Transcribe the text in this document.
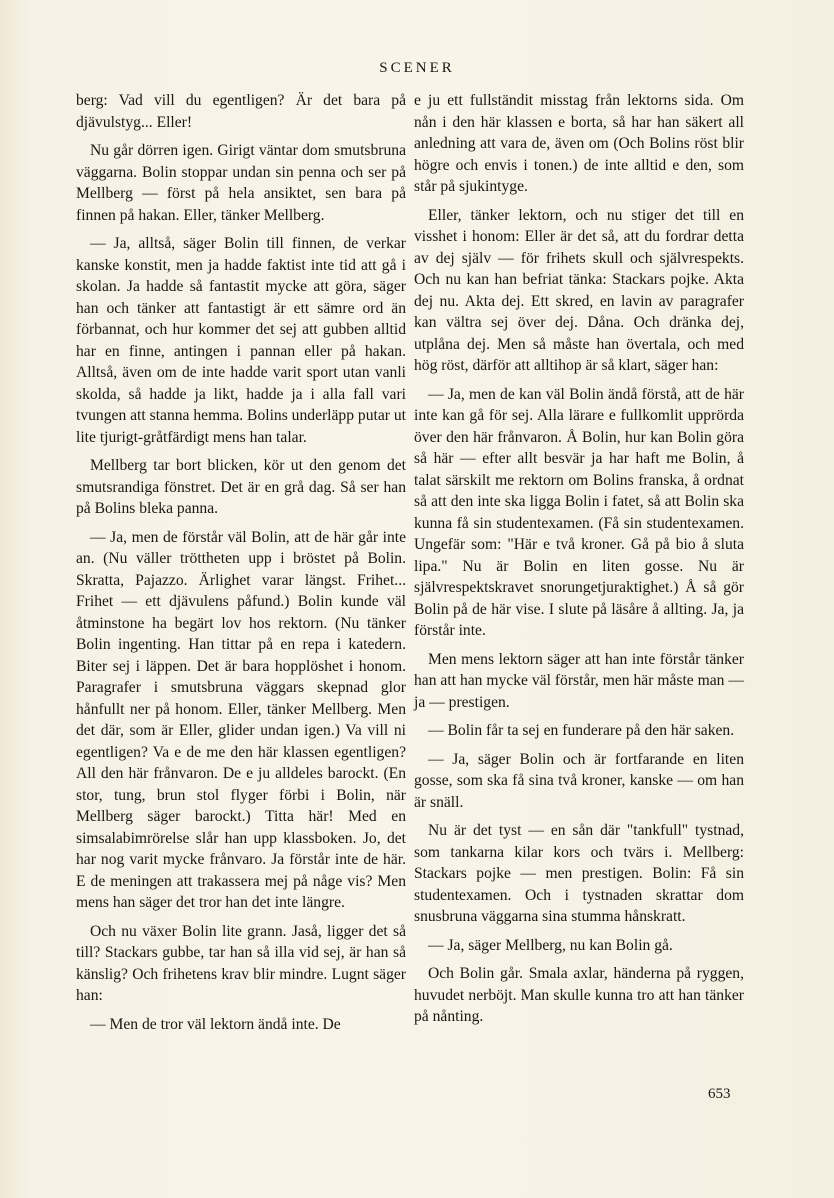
SCENER

berg: Vad vill du egentligen? Är det bara på djävulstyg... Eller!

Nu går dörren igen. Girigt väntar dom smutsbruna väggarna. Bolin stoppar undan sin penna och ser på Mellberg — först på hela ansiktet, sen bara på finnen på hakan. Eller, tänker Mellberg.

— Ja, alltså, säger Bolin till finnen, de verkar kanske konstit, men ja hadde faktist inte tid att gå i skolan. Ja hadde så fantastit mycke att göra, säger han och tänker att fantastigt är ett sämre ord än förbannat, och hur kommer det sej att gubben alltid har en finne, antingen i pannan eller på hakan. Alltså, även om de inte hadde varit sport utan vanli skolda, så hadde ja likt, hadde ja i alla fall vari tvungen att stanna hemma. Bolins underläpp putar ut lite tjurigt-gråtfärdigt mens han talar.

Mellberg tar bort blicken, kör ut den genom det smutsrandiga fönstret. Det är en grå dag. Så ser han på Bolins bleka panna.

— Ja, men de förstår väl Bolin, att de här går inte an. (Nu väller tröttheten upp i bröstet på Bolin. Skratta, Pajazzo. Ärlighet varar längst. Frihet... Frihet — ett djävulens påfund.) Bolin kunde väl åtminstone ha begärt lov hos rektorn. (Nu tänker Bolin ingenting. Han tittar på en repa i katedern. Biter sej i läppen. Det är bara hopplöshet i honom. Paragrafer i smutsbruna väggars skepnad glor hånfullt ner på honom. Eller, tänker Mellberg. Men det där, som är Eller, glider undan igen.) Va vill ni egentligen? Va e de me den här klassen egentligen? All den här frånvaron. De e ju alldeles barockt. (En stor, tung, brun stol flyger förbi i Bolin, när Mellberg säger barockt.) Titta här! Med en simsalabimrörelse slår han upp klassboken. Jo, det har nog varit mycke frånvaro. Ja förstår inte de här. E de meningen att trakassera mej på någe vis? Men mens han säger det tror han det inte längre.

Och nu växer Bolin lite grann. Jaså, ligger det så till? Stackars gubbe, tar han så illa vid sej, är han så känslig? Och frihetens krav blir mindre. Lugnt säger han:

— Men de tror väl lektorn ändå inte. De

e ju ett fullständit misstag från lektorns sida. Om nån i den här klassen e borta, så har han säkert all anledning att vara de, även om (Och Bolins röst blir högre och envis i tonen.) de inte alltid e den, som står på sjukintyge.

Eller, tänker lektorn, och nu stiger det till en visshet i honom: Eller är det så, att du fordrar detta av dej själv — för frihets skull och självrespekts. Och nu kan han befriat tänka: Stackars pojke. Akta dej nu. Akta dej. Ett skred, en lavin av paragrafer kan vältra sej över dej. Dåna. Och dränka dej, utplåna dej. Men så måste han övertala, och med hög röst, därför att alltihop är så klart, säger han:

— Ja, men de kan väl Bolin ändå förstå, att de här inte kan gå för sej. Alla lärare e fullkomlit upprörda över den här frånvaron. Å Bolin, hur kan Bolin göra så här — efter allt besvär ja har haft me Bolin, å talat särskilt me rektorn om Bolins franska, å ordnat så att den inte ska ligga Bolin i fatet, så att Bolin ska kunna få sin studentexamen. (Få sin studentexamen. Ungefär som: "Här e två kroner. Gå på bio å sluta lipa." Nu är Bolin en liten gosse. Nu är självrespektskravet snorungetjuraktighet.) Å så gör Bolin på de här vise. I slute på läsåre å allting. Ja, ja förstår inte.

Men mens lektorn säger att han inte förstår tänker han att han mycke väl förstår, men här måste man — ja — prestigen.

— Bolin får ta sej en funderare på den här saken.

— Ja, säger Bolin och är fortfarande en liten gosse, som ska få sina två kroner, kanske — om han är snäll.

Nu är det tyst — en sån där "tankfull" tystnad, som tankarna kilar kors och tvärs i. Mellberg: Stackars pojke — men prestigen. Bolin: Få sin studentexamen. Och i tystnaden skrattar dom snusbruna väggarna sina stumma hånskratt.

— Ja, säger Mellberg, nu kan Bolin gå.

Och Bolin går. Smala axlar, händerna på ryggen, huvudet nerböjt. Man skulle kunna tro att han tänker på nånting.

653
